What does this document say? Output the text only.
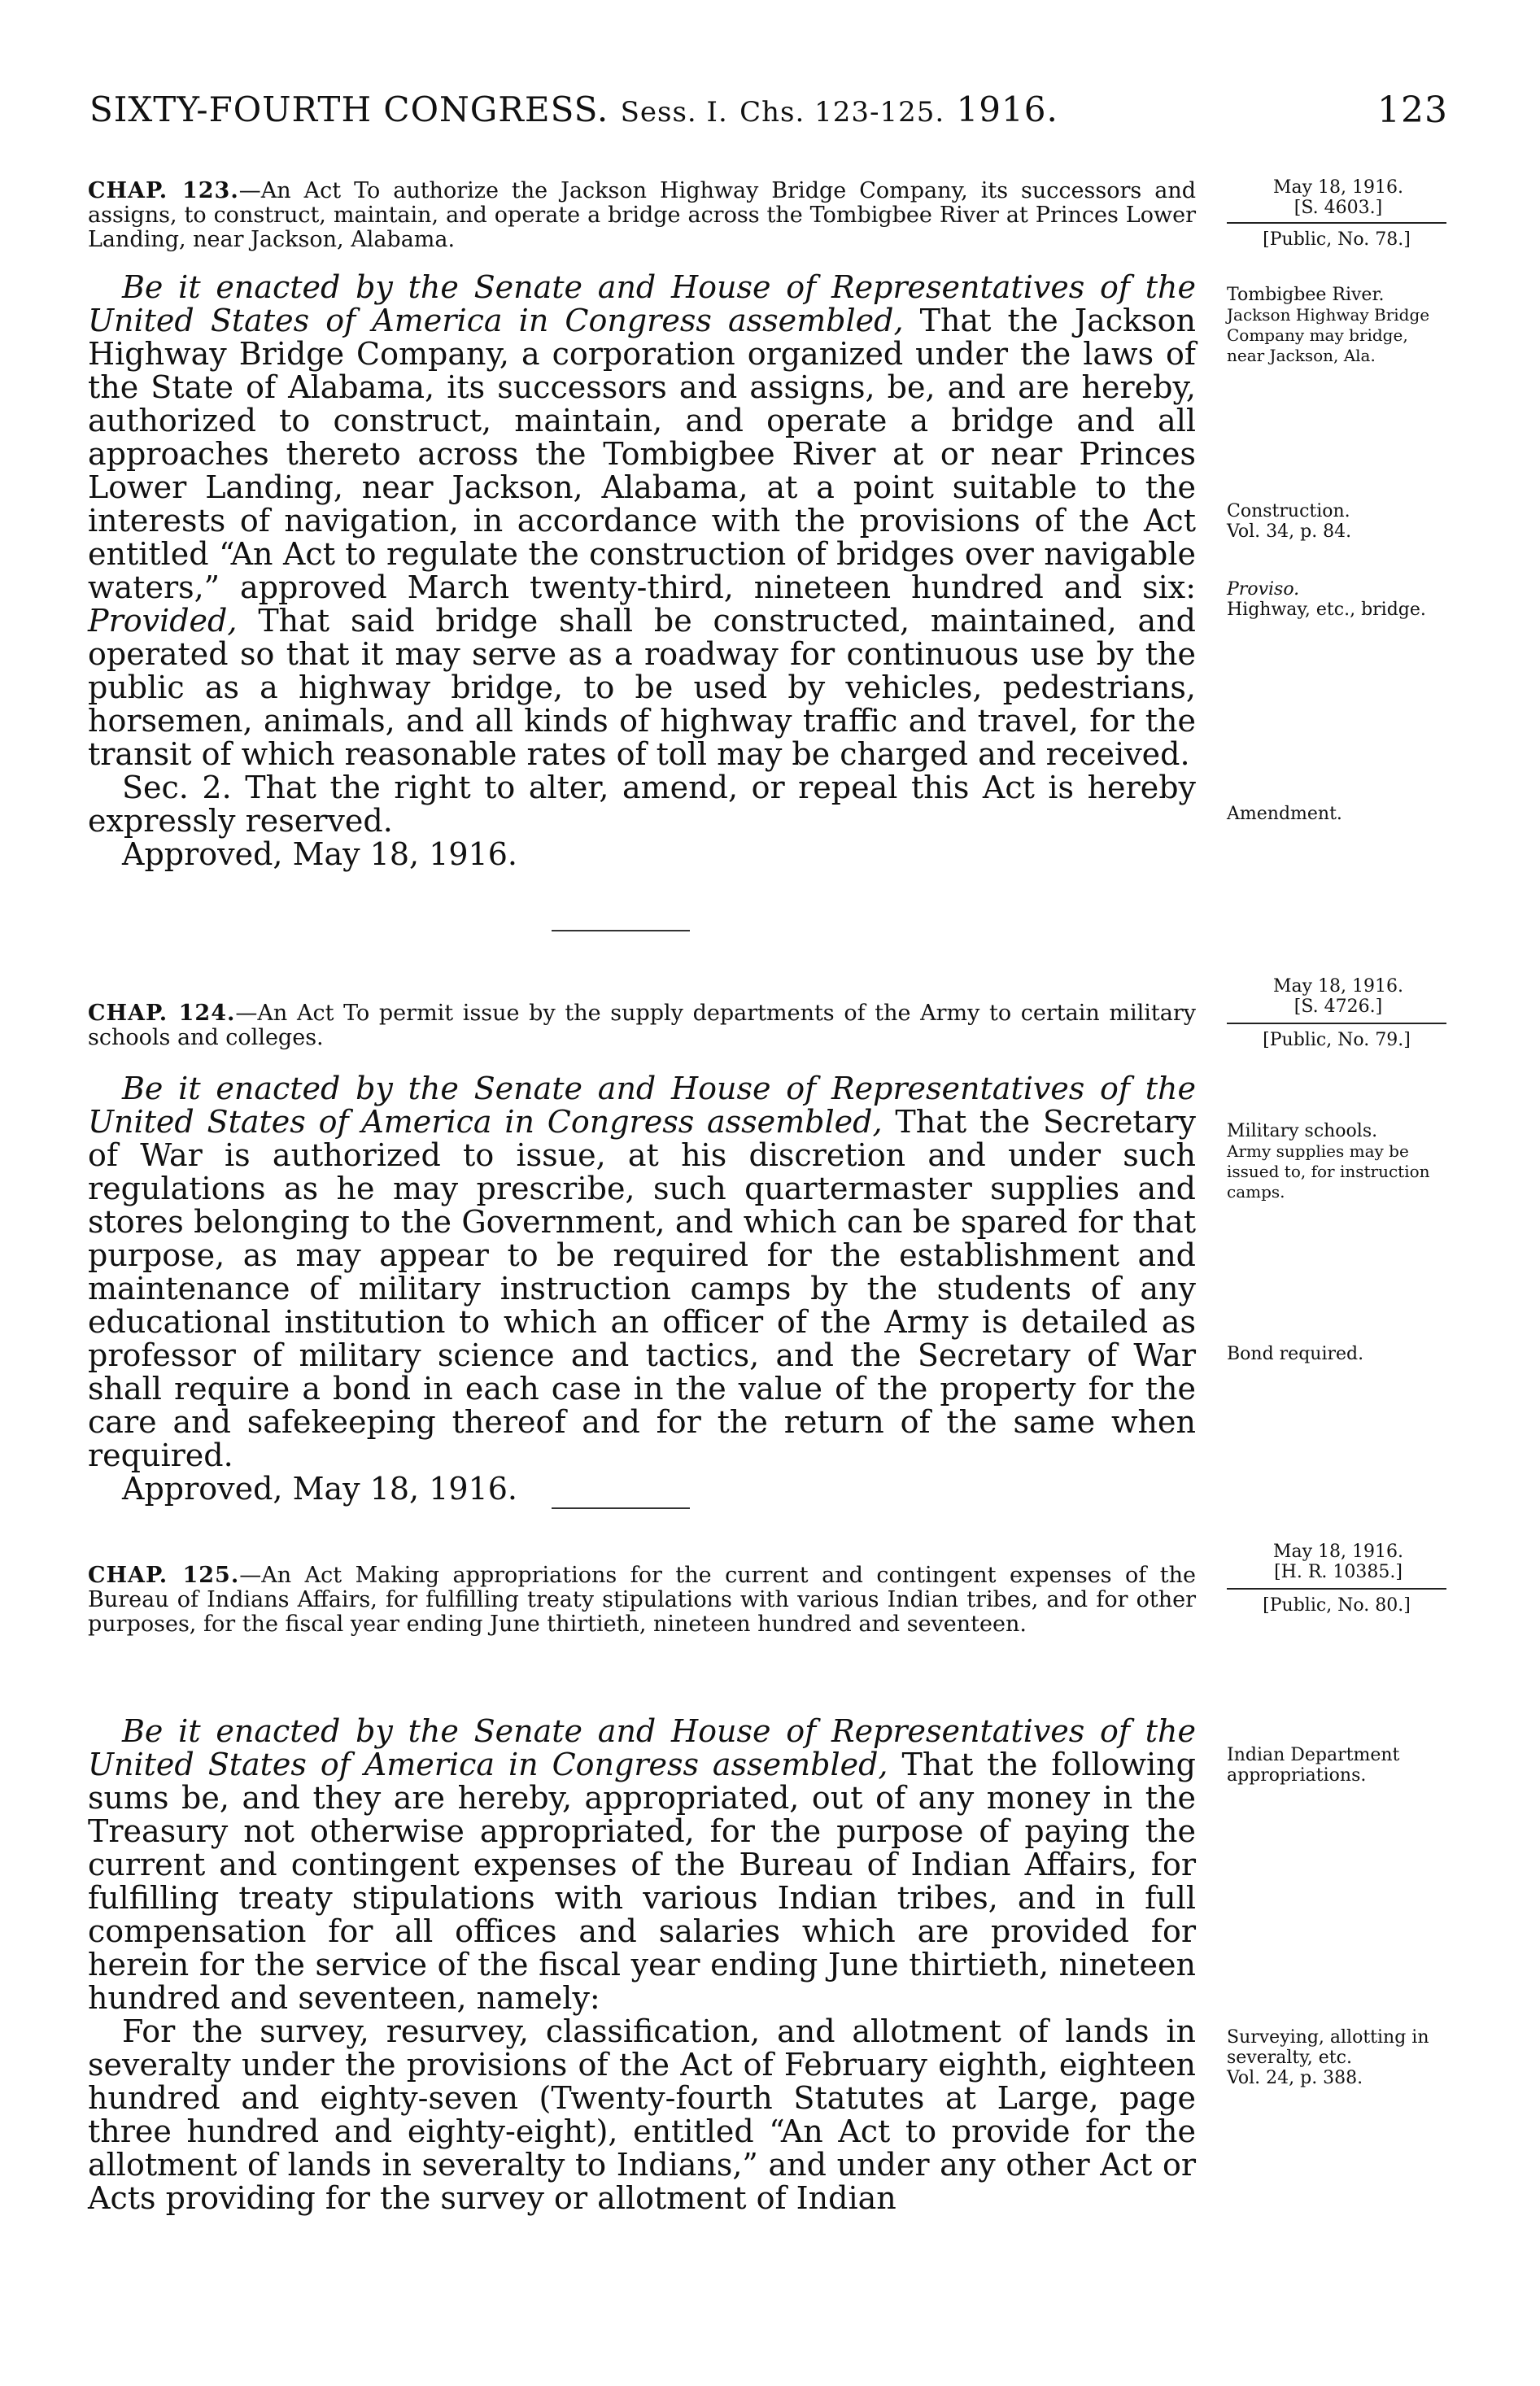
SIXTY-FOURTH CONGRESS. Sess. I. Chs. 123-125. 1916.	123
CHAP. 123.—An Act To authorize the Jackson Highway Bridge Company, its successors and assigns, to construct, maintain, and operate a bridge across the Tombigbee River at Princes Lower Landing, near Jackson, Alabama.
May 18, 1916.
[S. 4603.]
[Public, No. 78.]

Be it enacted by the Senate and House of Representatives of the United States of America in Congress assembled, That the Jackson Highway Bridge Company, a corporation organized under the laws of the State of Alabama, its successors and assigns, be, and are hereby, authorized to construct, maintain, and operate a bridge and all approaches thereto across the Tombigbee River at or near Princes Lower Landing, near Jackson, Alabama, at a point suitable to the interests of navigation, in accordance with the provisions of the Act entitled “An Act to regulate the construction of bridges over navigable waters,” approved March twenty-third, nineteen hundred and six: Provided, That said bridge shall be constructed, maintained, and operated so that it may serve as a roadway for continuous use by the public as a highway bridge, to be used by vehicles, pedestrians, horsemen, animals, and all kinds of highway traffic and travel, for the transit of which reasonable rates of toll may be charged and received.

Sec. 2. That the right to alter, amend, or repeal this Act is hereby expressly reserved.

Approved, May 18, 1916.

Tombigbee River.
Jackson Highway Bridge Company may bridge, near Jackson, Ala.
Construction.
Vol. 34, p. 84.
Proviso.
Highway, etc., bridge.
Amendment.
May 18, 1916.
[S. 4726.]
[Public, No. 79.]
CHAP. 124.—An Act To permit issue by the supply departments of the Army to certain military schools and colleges.

Be it enacted by the Senate and House of Representatives of the United States of America in Congress assembled, That the Secretary of War is authorized to issue, at his discretion and under such regulations as he may prescribe, such quartermaster supplies and stores belonging to the Government, and which can be spared for that purpose, as may appear to be required for the establishment and maintenance of military instruction camps by the students of any educational institution to which an officer of the Army is detailed as professor of military science and tactics, and the Secretary of War shall require a bond in each case in the value of the property for the care and safekeeping thereof and for the return of the same when required.

Approved, May 18, 1916.

Military schools.
Army supplies may be issued to, for instruction camps.
Bond required.
May 18, 1916.
[H. R. 10385.]
[Public, No. 80.]
CHAP. 125.—An Act Making appropriations for the current and contingent expenses of the Bureau of Indians Affairs, for fulfilling treaty stipulations with various Indian tribes, and for other purposes, for the fiscal year ending June thirtieth, nineteen hundred and seventeen.

Be it enacted by the Senate and House of Representatives of the United States of America in Congress assembled, That the following sums be, and they are hereby, appropriated, out of any money in the Treasury not otherwise appropriated, for the purpose of paying the current and contingent expenses of the Bureau of Indian Affairs, for fulfilling treaty stipulations with various Indian tribes, and in full compensation for all offices and salaries which are provided for herein for the service of the fiscal year ending June thirtieth, nineteen hundred and seventeen, namely:

For the survey, resurvey, classification, and allotment of lands in severalty under the provisions of the Act of February eighth, eighteen hundred and eighty-seven (Twenty-fourth Statutes at Large, page three hundred and eighty-eight), entitled “An Act to provide for the allotment of lands in severalty to Indians,” and under any other Act or Acts providing for the survey or allotment of Indian

Indian Department appropriations.
Surveying, allotting in severalty, etc.
Vol. 24, p. 388.
